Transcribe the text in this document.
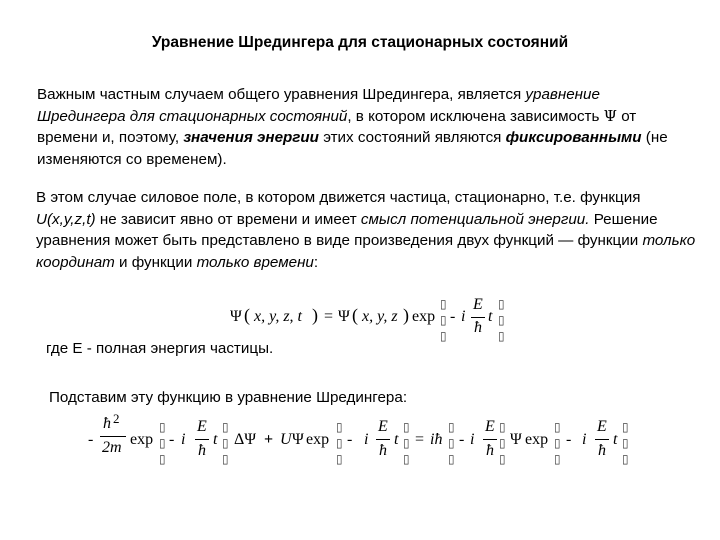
Уравнение Шредингера для стационарных состояний
Важным частным случаем общего уравнения Шредингера, является уравнение Шредингера для стационарных состояний, в котором исключена зависимость Ψ от времени и, поэтому, значения энергии этих состояний являются фиксированными (не изменяются со временем).
В этом случае силовое поле, в котором движется частица, стационарно, т.е. функция U(x,y,z,t) не зависит явно от времени и имеет смысл потенциальной энергии. Решение уравнения может быть представлено в виде произведения двух функций — функции только координат и функции только времени:
Ψ ( x, y, z, t ) = Ψ ( x, y, z ) exp
▯
▯
▯
- i
E
ħ
t
▯
▯
▯
где E - полная энергия частицы.
Подставим эту функцию в уравнение Шредингера:
-
ħ 2
2m exp
▯
▯
▯
- i
E
ħ
t
▯
▯
▯
ΔΨ + U Ψ exp
▯
▯
▯
- i
E
ħ
t
▯
▯
▯
= iħ
▯
▯
▯
- i
E
ħ
▯
▯
▯
Ψ exp
▯
▯
▯
- i
E
ħ
t
▯
▯
▯
